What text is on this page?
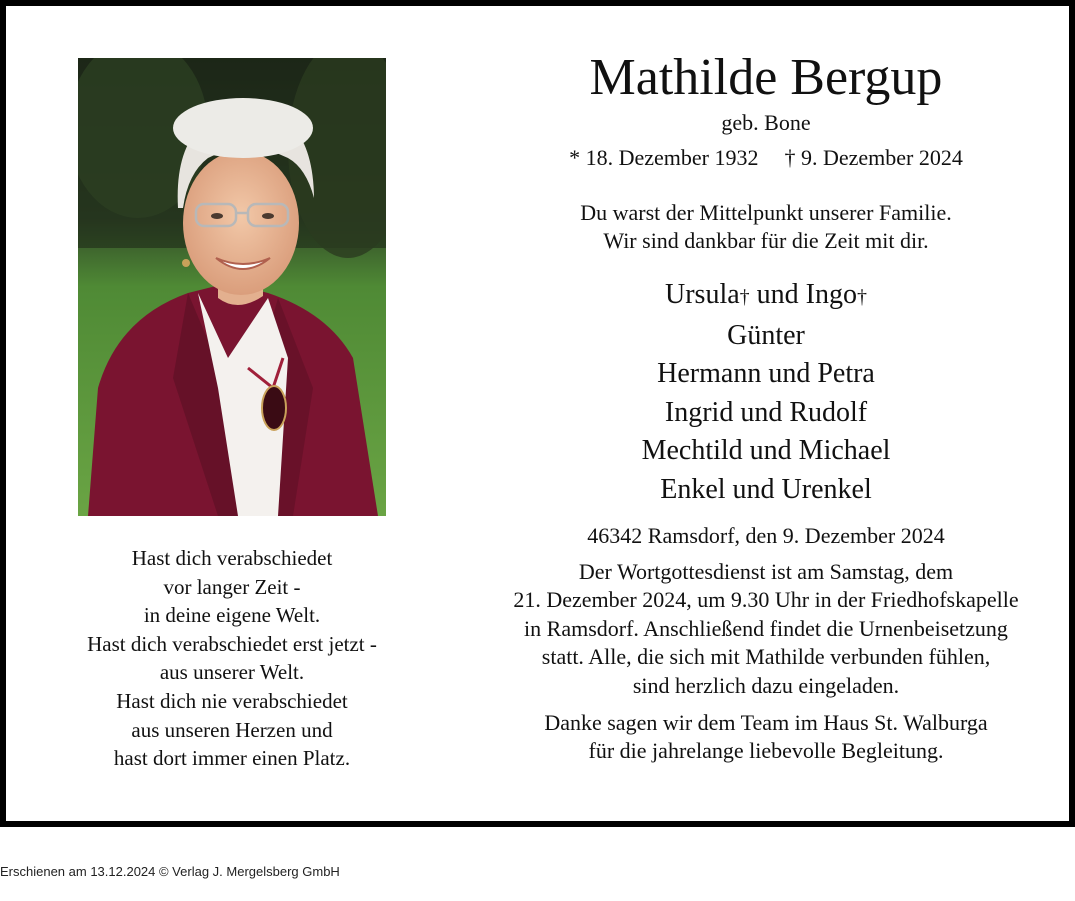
Hast dich verabschiedet
vor langer Zeit -
in deine eigene Welt.
Hast dich verabschiedet erst jetzt -
aus unserer Welt.
Hast dich nie verabschiedet
aus unseren Herzen und
hast dort immer einen Platz.
Mathilde Bergup
geb. Bone
* 18. Dezember 1932 † 9. Dezember 2024
Du warst der Mittelpunkt unserer Familie.
Wir sind dankbar für die Zeit mit dir.
Ursula† und Ingo†
Günter
Hermann und Petra
Ingrid und Rudolf
Mechtild und Michael
Enkel und Urenkel
46342 Ramsdorf, den 9. Dezember 2024
Der Wortgottesdienst ist am Samstag, dem
21. Dezember 2024, um 9.30 Uhr in der Friedhofskapelle
in Ramsdorf. Anschließend findet die Urnenbeisetzung
statt. Alle, die sich mit Mathilde verbunden fühlen,
sind herzlich dazu eingeladen.
Danke sagen wir dem Team im Haus St. Walburga
für die jahrelange liebevolle Begleitung.
Erschienen am 13.12.2024 © Verlag J. Mergelsberg GmbH
